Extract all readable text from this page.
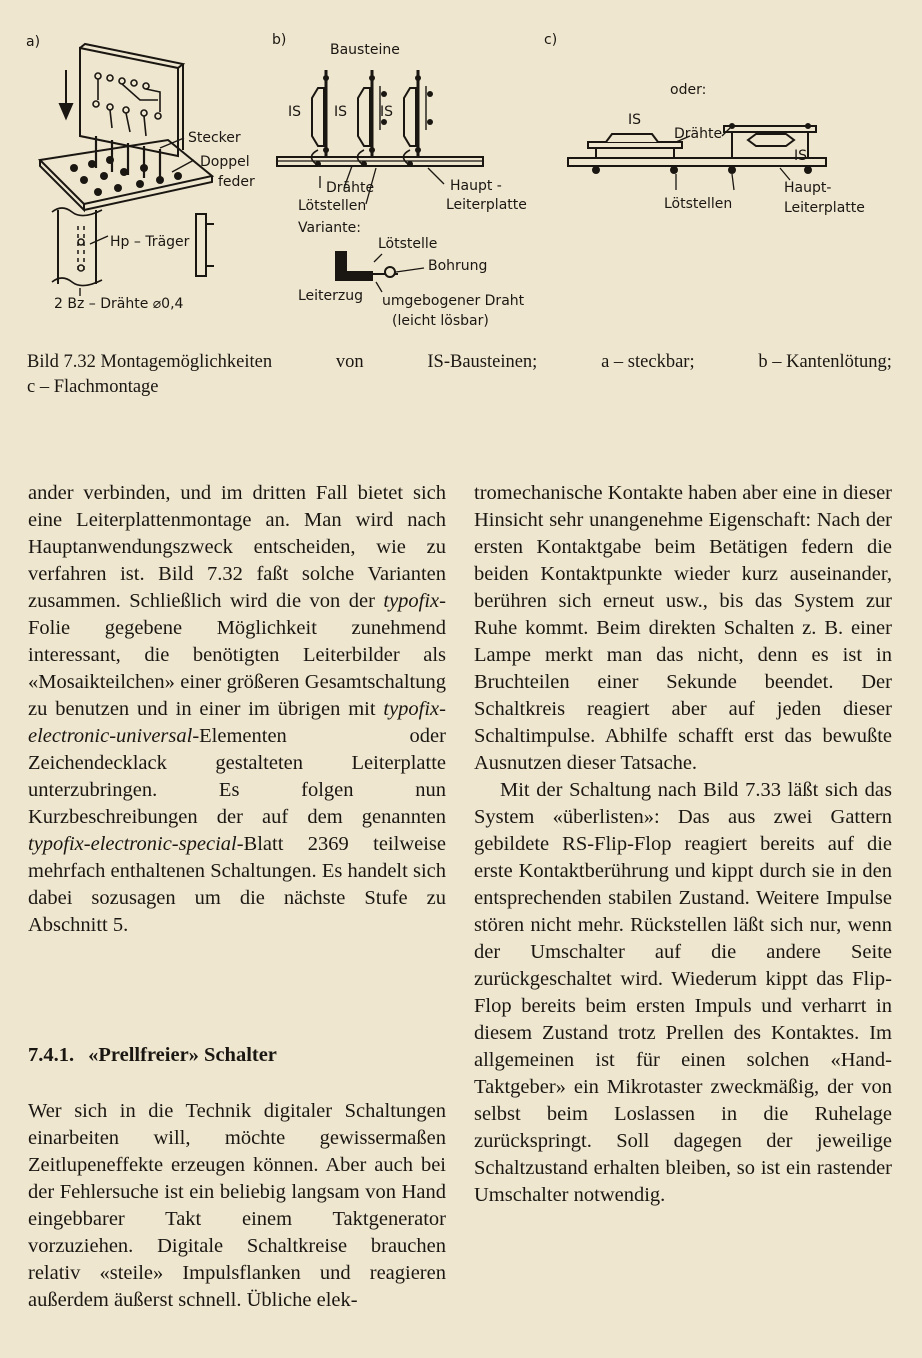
a)
Stecker
Doppel
feder
Hp – Träger
2 Bz – Drähte ⌀0,4
b)
Bausteine
IS IS IS
Drähte
Lötstellen
Haupt -
Leiterplatte
Variante:
Lötstelle
Bohrung
Leiterzug umgebogener Draht
(leicht lösbar)
c)
oder:
IS
IS
Drähte
Lötstellen
Haupt-
Leiterplatte
Bild 7.32 Montagemöglichkeiten	von	IS-Bausteinen;	a – steckbar;	b – Kantenlötung;
c – Flachmontage

ander verbinden, und im dritten Fall bietet sich eine Leiterplattenmontage an. Man wird nach Hauptanwendungszweck entscheiden, wie zu verfahren ist. Bild 7.32 faßt solche Varianten zusammen. Schließlich wird die von der typofix-Folie gegebene Möglichkeit zunehmend interessant, die benötigten Leiterbilder als «Mosaikteilchen» einer größeren Gesamtschaltung zu benutzen und in einer im übrigen mit typofix-electronic-universal-Elementen oder Zeichendecklack gestalteten Leiterplatte unterzubringen. Es folgen nun Kurzbeschreibungen der auf dem genannten typofix-electronic-special-Blatt 2369 teilweise mehrfach enthaltenen Schaltungen. Es handelt sich dabei sozusagen um die nächste Stufe zu Abschnitt 5.

7.4.1. «Prellfreier» Schalter

Wer sich in die Technik digitaler Schaltungen einarbeiten will, möchte gewissermaßen Zeitlupeneffekte erzeugen können. Aber auch bei der Fehlersuche ist ein beliebig langsam von Hand eingebbarer Takt einem Taktgenerator vorzuziehen. Digitale Schaltkreise brauchen relativ «steile» Impulsflanken und reagieren außerdem äußerst schnell. Übliche elek-

tromechanische Kontakte haben aber eine in dieser Hinsicht sehr unangenehme Eigenschaft: Nach der ersten Kontaktgabe beim Betätigen federn die beiden Kontaktpunkte wieder kurz auseinander, berühren sich erneut usw., bis das System zur Ruhe kommt. Beim direkten Schalten z. B. einer Lampe merkt man das nicht, denn es ist in Bruchteilen einer Sekunde beendet. Der Schaltkreis reagiert aber auf jeden dieser Schaltimpulse. Abhilfe schafft erst das bewußte Ausnutzen dieser Tatsache.

Mit der Schaltung nach Bild 7.33 läßt sich das System «überlisten»: Das aus zwei Gattern gebildete RS-Flip-Flop reagiert bereits auf die erste Kontaktberührung und kippt durch sie in den entsprechenden stabilen Zustand. Weitere Impulse stören nicht mehr. Rückstellen läßt sich nur, wenn der Umschalter auf die andere Seite zurückgeschaltet wird. Wiederum kippt das Flip-Flop bereits beim ersten Impuls und verharrt in diesem Zustand trotz Prellen des Kontaktes. Im allgemeinen ist für einen solchen «Hand-Taktgeber» ein Mikrotaster zweckmäßig, der von selbst beim Loslassen in die Ruhelage zurückspringt. Soll dagegen der jeweilige Schaltzustand erhalten bleiben, so ist ein rastender Umschalter notwendig.
